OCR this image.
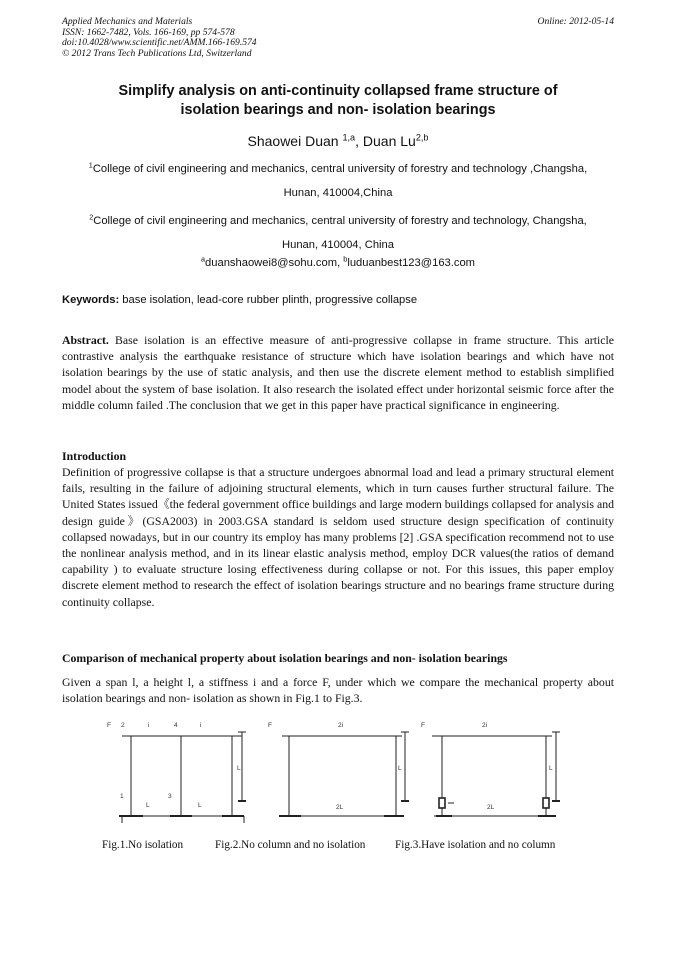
Applied Mechanics and Materials
ISSN: 1662-7482, Vols. 166-169, pp 574-578
doi:10.4028/www.scientific.net/AMM.166-169.574
© 2012 Trans Tech Publications Ltd, Switzerland
Online: 2012-05-14
Simplify analysis on anti-continuity collapsed frame structure of
isolation bearings and non- isolation bearings
Shaowei Duan $^{1,a}$, Duan Lu$^{2,b}$
$^1$College of civil engineering and mechanics, central university of forestry and technology ,Changsha,
Hunan, 410004,China
$^2$College of civil engineering and mechanics, central university of forestry and technology, Changsha,
Hunan, 410004, China
$^a$duanshaowei8@sohu.com, $^b$luduanbest123@163.com
Keywords: base isolation, lead-core rubber plinth, progressive collapse
Abstract. Base isolation is an effective measure of anti-progressive collapse in frame structure. This article contrastive analysis the earthquake resistance of structure which have isolation bearings and which have not isolation bearings by the use of static analysis, and then use the discrete element method to establish simplified model about the system of base isolation. It also research the isolated effect under horizontal seismic force after the middle column failed .The conclusion that we get in this paper have practical significance in engineering.
Introduction
Definition of progressive collapse is that a structure undergoes abnormal load and lead a primary structural element fails, resulting in the failure of adjoining structural elements, which in turn causes further structural failure. The United States issued《the federal government office buildings and large modern buildings collapsed for analysis and design guide》(GSA2003) in 2003.GSA standard is seldom used structure design specification of continuity collapsed nowadays, but in our country its employ has many problems [2] .GSA specification recommend not to use the nonlinear analysis method, and in its linear elastic analysis method, employ DCR values(the ratios of demand capability ) to evaluate structure losing effectiveness during collapse or not. For this issues, this paper employ discrete element method to research the effect of isolation bearings structure and no bearings frame structure during continuity collapse.
Comparison of mechanical property about isolation bearings and non- isolation bearings
Given a span l, a height l, a stiffness i and a force F, under which we compare the mechanical property about isolation bearings and non- isolation as shown in Fig.1 to Fig.3.
F 2	i	4	i
1	3
L	L
L
F	2i
L
2L
F	2i
L
2L
Fig.1.No isolation	Fig.2.No column and no isolation	Fig.3.Have isolation and no column
